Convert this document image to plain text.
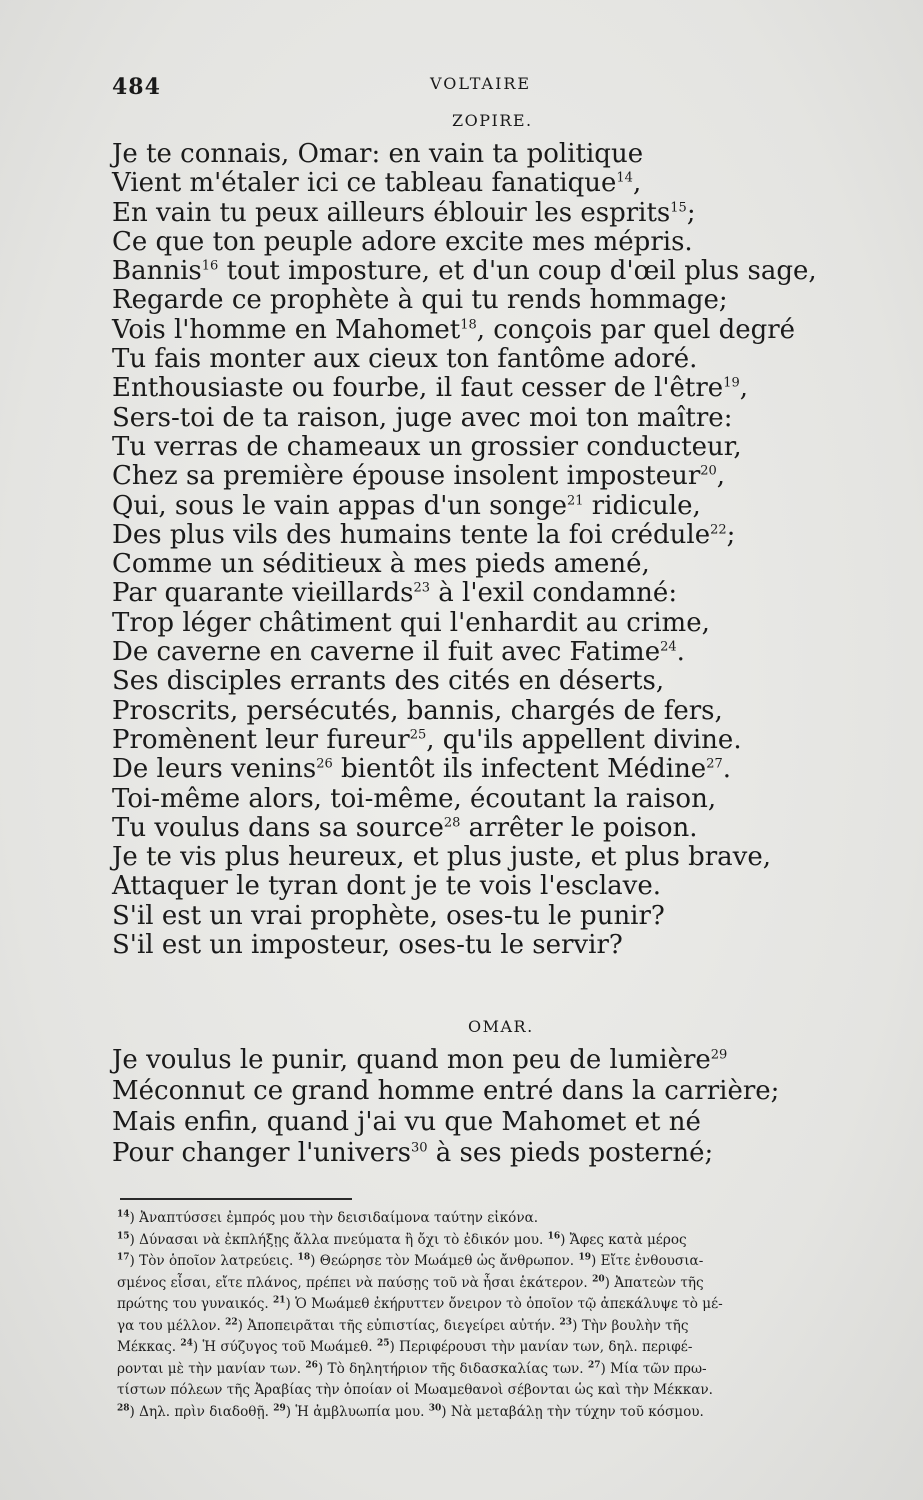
484	VOLTAIRE
ZOPIRE.
Je te connais, Omar: en vain ta politique
Vient m'étaler ici ce tableau fanatique$^{14}$,
En vain tu peux ailleurs éblouir les esprits$^{15}$;
Ce que ton peuple adore excite mes mépris.
Bannis$^{16}$ tout imposture, et d'un coup d'œil plus sage,
Regarde ce prophète à qui tu rends hommage;
Vois l'homme en Mahomet$^{18}$, conçois par quel degré
Tu fais monter aux cieux ton fantôme adoré.
Enthousiaste ou fourbe, il faut cesser de l'être$^{19}$,
Sers-toi de ta raison, juge avec moi ton maître:
Tu verras de chameaux un grossier conducteur,
Chez sa première épouse insolent imposteur$^{20}$,
Qui, sous le vain appas d'un songe$^{21}$ ridicule,
Des plus vils des humains tente la foi crédule$^{22}$;
Comme un séditieux à mes pieds amené,
Par quarante vieillards$^{23}$ à l'exil condamné:
Trop léger châtiment qui l'enhardit au crime,
De caverne en caverne il fuit avec Fatime$^{24}$.
Ses disciples errants des cités en déserts,
Proscrits, persécutés, bannis, chargés de fers,
Promènent leur fureur$^{25}$, qu'ils appellent divine.
De leurs venins$^{26}$ bientôt ils infectent Médine$^{27}$.
Toi-même alors, toi-même, écoutant la raison,
Tu voulus dans sa source$^{28}$ arrêter le poison.
Je te vis plus heureux, et plus juste, et plus brave,
Attaquer le tyran dont je te vois l'esclave.
S'il est un vrai prophète, oses-tu le punir?
S'il est un imposteur, oses-tu le servir?
OMAR.
Je voulus le punir, quand mon peu de lumière$^{29}$
Méconnut ce grand homme entré dans la carrière;
Mais enfin, quand j'ai vu que Mahomet et né
Pour changer l'univers$^{30}$ à ses pieds posterné;
$^{14}$) Ἀναπτύσσει ἐμπρός μου τὴν δεισιδαίμονα ταύτην εἰκόνα.
$^{15}$) Δύνασαι νὰ ἐκπλήξῃς ἄλλα πνεύματα ἢ ὄχι τὸ ἐδικόν μου. $^{16}$) Ἄφες κατὰ μέρος
$^{17}$) Τὸν ὁποῖον λατρεύεις. $^{18}$) Θεώρησε τὸν Μωάμεθ ὡς ἄνθρωπον. $^{19}$) Εἴτε ἐνθουσια-
σμένος εἶσαι, εἴτε πλάνος, πρέπει νὰ παύσῃς τοῦ νὰ ἦσαι ἑκάτερον. $^{20}$) Ἀπατεὼν τῆς
πρώτης του γυναικός. $^{21}$) Ὁ Μωάμεθ ἐκήρυττεν ὄνειρον τὸ ὁποῖον τῷ ἀπεκάλυψε τὸ μέ-
γα του μέλλον. $^{22}$) Ἀποπειρᾶται τῆς εὐπιστίας, διεγείρει αὐτήν. $^{23}$) Τὴν βουλὴν τῆς
Μέκκας. $^{24}$) Ἡ σύζυγος τοῦ Μωάμεθ. $^{25}$) Περιφέρουσι τὴν μανίαν των, δηλ. περιφέ-
ρονται μὲ τὴν μανίαν των. $^{26}$) Τὸ δηλητήριον τῆς διδασκαλίας των. $^{27}$) Μία τῶν πρω-
τίστων πόλεων τῆς Ἀραβίας τὴν ὁποίαν οἱ Μωαμεθανοὶ σέβονται ὡς καὶ τὴν Μέκκαν.
$^{28}$) Δηλ. πρὶν διαδοθῇ. $^{29}$) Ἡ ἀμβλυωπία μου. $^{30}$) Νὰ μεταβάλῃ τὴν τύχην τοῦ κόσμου.
